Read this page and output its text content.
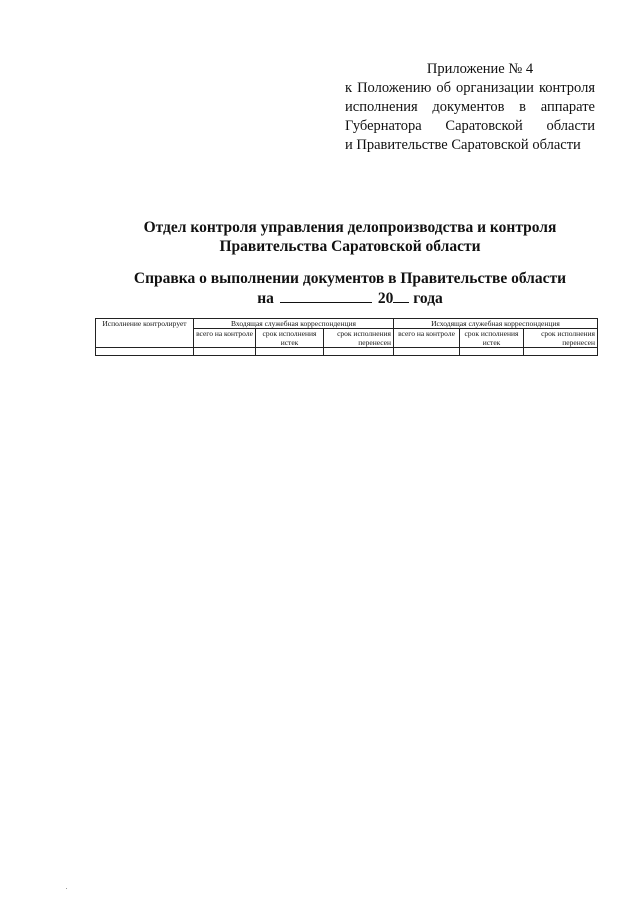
Приложение № 4
к Положению об организации контроля
исполнения документов в аппарате
Губернатора Саратовской области
и Правительстве Саратовской области
Отдел контроля управления делопроизводства и контроля
Правительства Саратовской области
Справка о выполнении документов в Правительстве области
на	20 года
Исполнение контролирует	Входящая служебная корреспонденция			Исходящая служебная корреспонденция		
	всего на контроле	срок исполнения истек	срок исполнения перенесен	всего на контроле	срок исполнения истек	срок исполнения перенесен
